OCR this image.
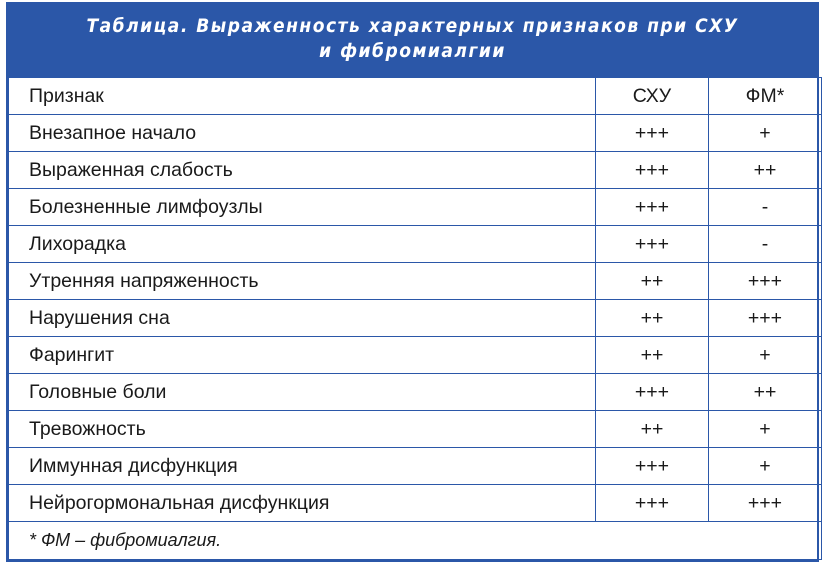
Таблица. Выраженность характерных признаков при СХУ
и фибромиалгии
Признак	СХУ	ФМ*
Внезапное начало	+++	+
Выраженная слабость	+++	++
Болезненные лимфоузлы	+++	-
Лихорадка	+++	-
Утренняя напряженность	++	+++
Нарушения сна	++	+++
Фарингит	++	+
Головные боли	+++	++
Тревожность	++	+
Иммунная дисфункция	+++	+
Нейрогормональная дисфункция	+++	+++
* ФМ – фибромиалгия.		
